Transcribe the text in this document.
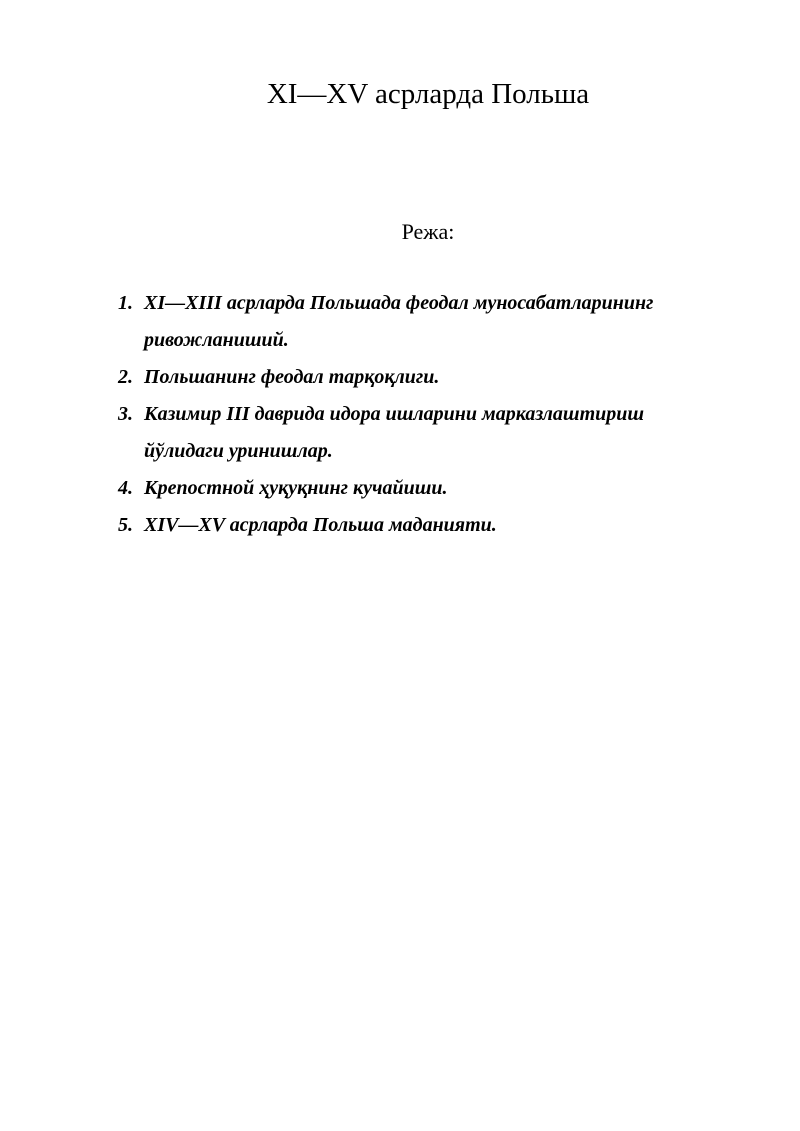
XI—XV асрларда Польша
Режа:
1. XI—XIII асрларда Польшада феодал муносабатларининг ривожланиший.
2. Польшанинг феодал тарқоқлиги.
3. Казимир III даврида идора ишларини марказлаштириш йўлидаги уринишлар.
4. Крепостной ҳуқуқнинг кучайиши.
5. XIV—XV асрларда Польша маданияти.
